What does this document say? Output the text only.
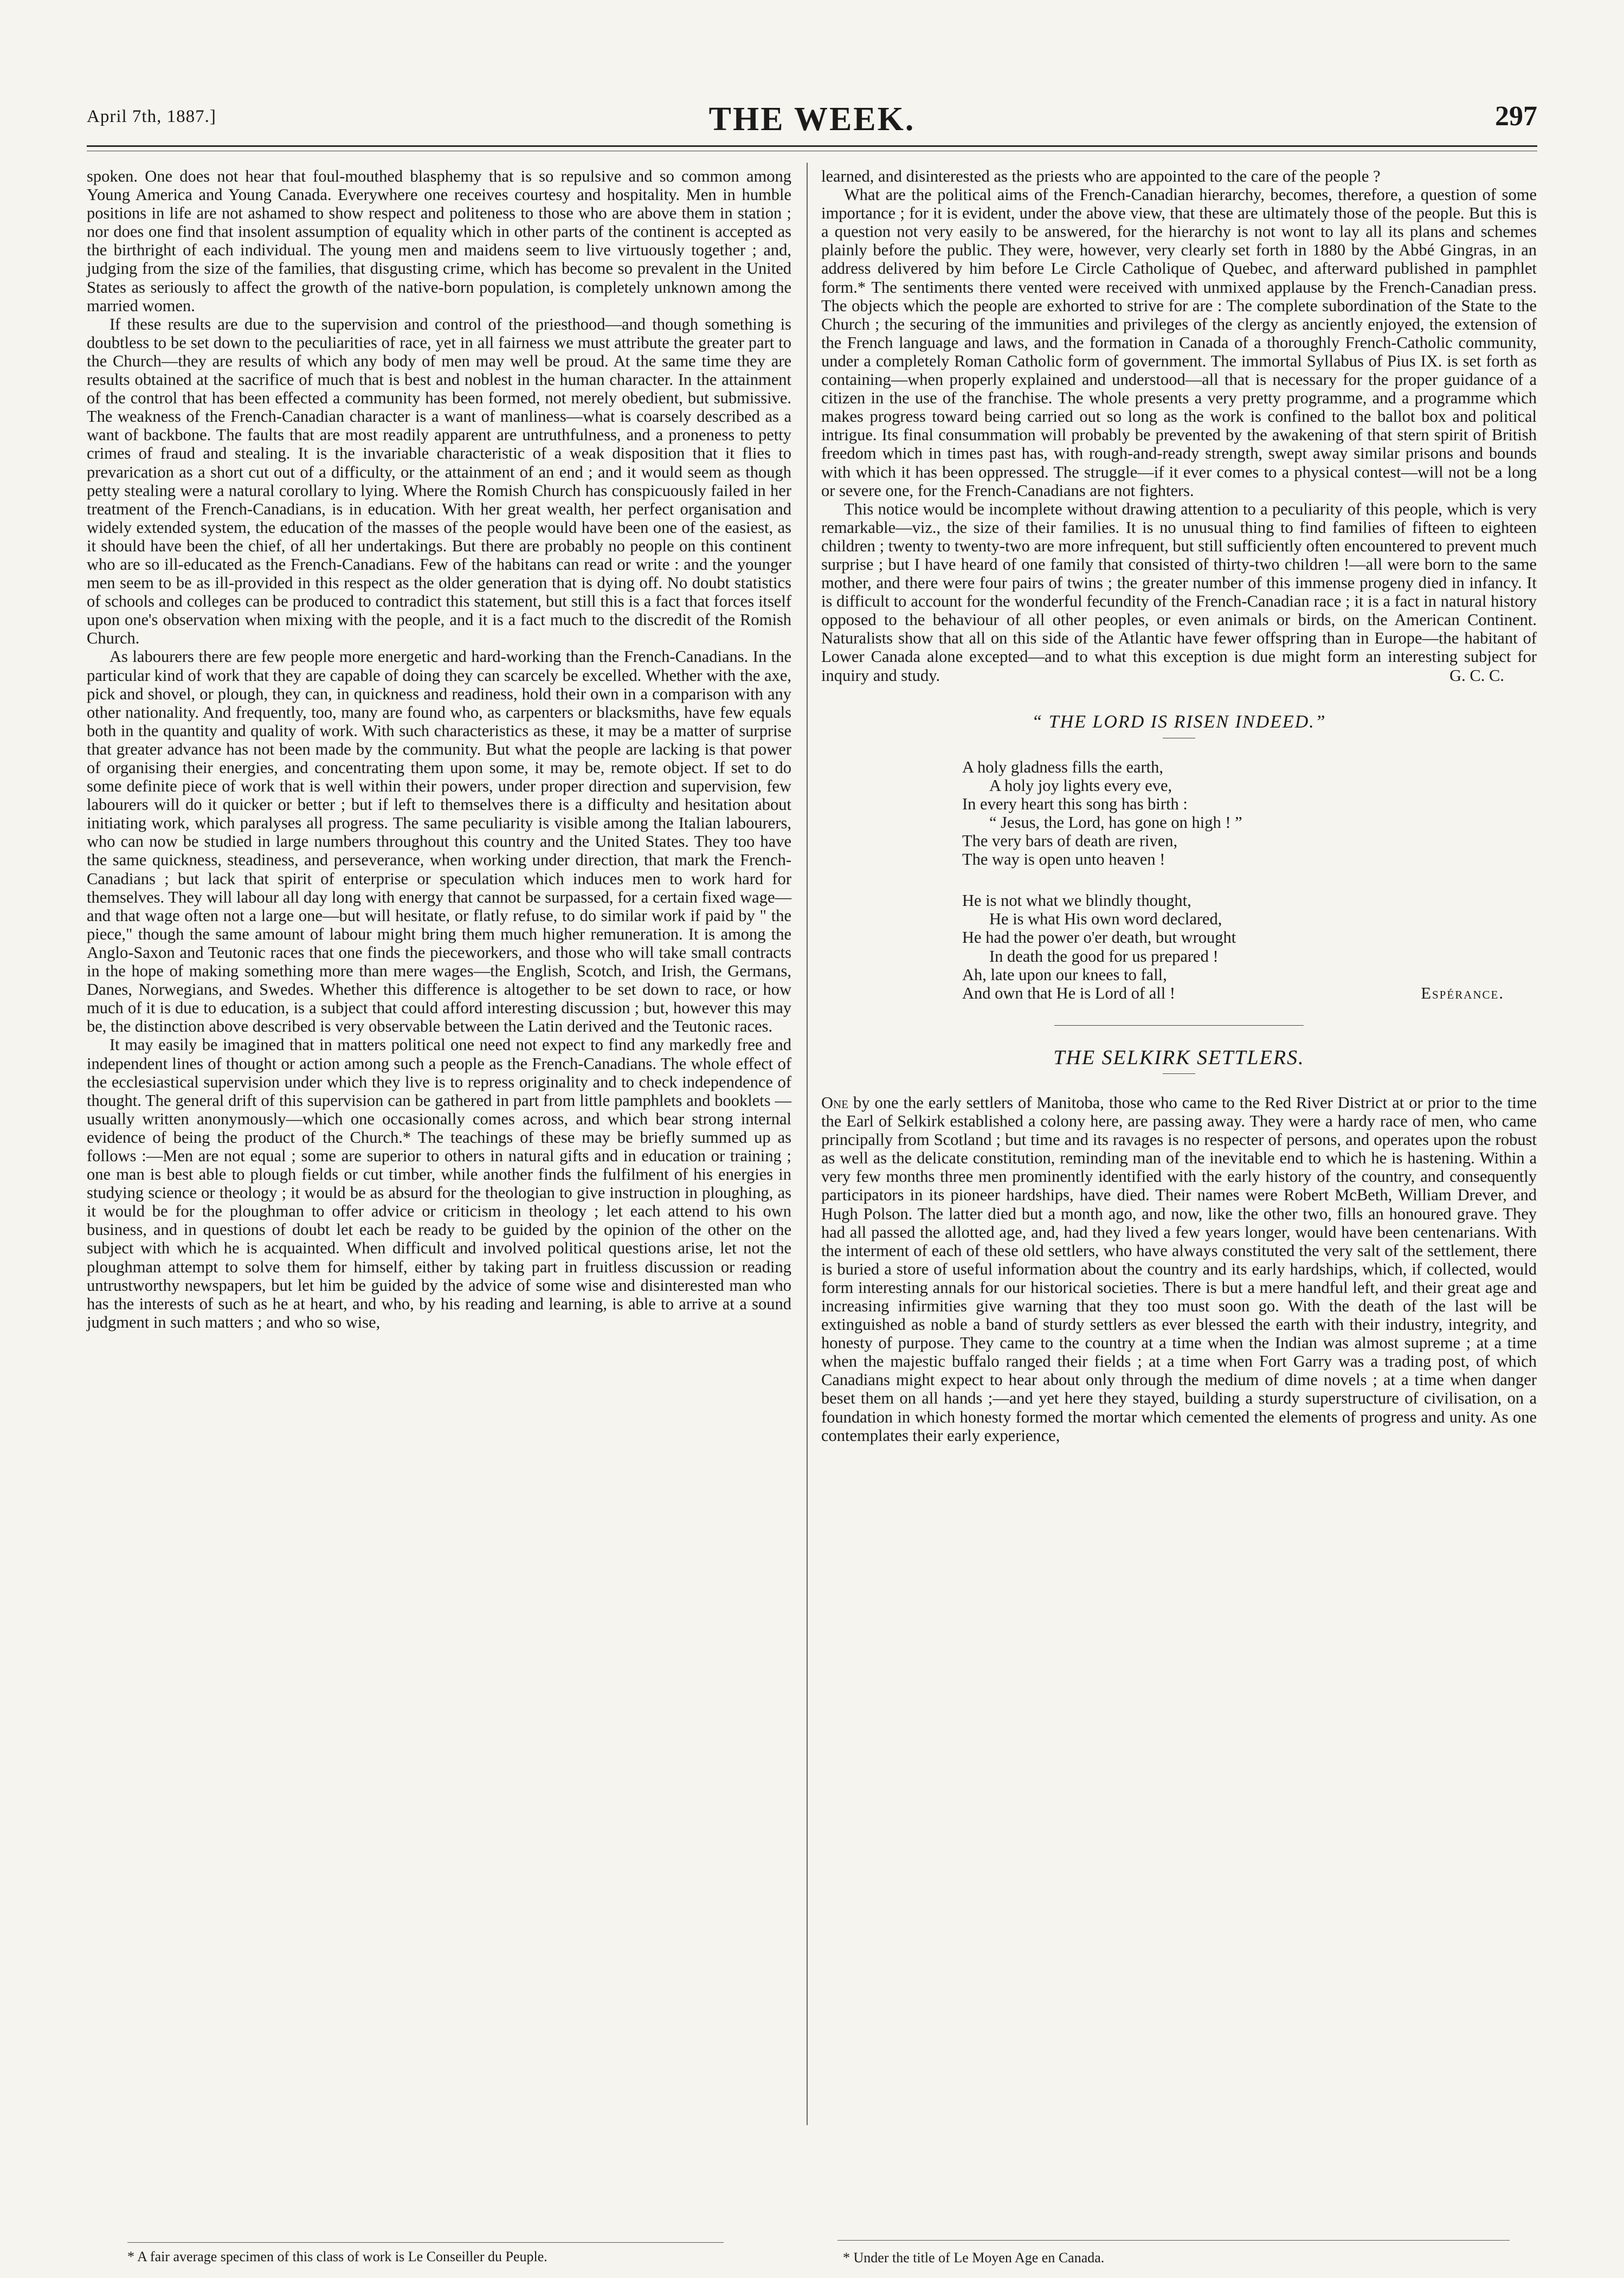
April 7th, 1887.]	THE WEEK.	297

spoken. One does not hear that foul-mouthed blasphemy that is so repulsive and so common among Young America and Young Canada. Everywhere one receives courtesy and hospitality. Men in humble positions in life are not ashamed to show respect and politeness to those who are above them in station ; nor does one find that insolent assumption of equality which in other parts of the continent is accepted as the birthright of each individual. The young men and maidens seem to live virtuously together ; and, judging from the size of the families, that disgusting crime, which has become so prevalent in the United States as seriously to affect the growth of the native-born population, is completely unknown among the married women.

If these results are due to the supervision and control of the priesthood—and though something is doubtless to be set down to the peculiarities of race, yet in all fairness we must attribute the greater part to the Church—they are results of which any body of men may well be proud. At the same time they are results obtained at the sacrifice of much that is best and noblest in the human character. In the attainment of the control that has been effected a community has been formed, not merely obedient, but submissive. The weakness of the French-Canadian character is a want of manliness—what is coarsely described as a want of backbone. The faults that are most readily apparent are untruthfulness, and a proneness to petty crimes of fraud and stealing. It is the invariable characteristic of a weak disposition that it flies to prevarication as a short cut out of a difficulty, or the attainment of an end ; and it would seem as though petty stealing were a natural corollary to lying. Where the Romish Church has conspicuously failed in her treatment of the French-Canadians, is in education. With her great wealth, her perfect organisation and widely extended system, the education of the masses of the people would have been one of the easiest, as it should have been the chief, of all her undertakings. But there are probably no people on this continent who are so ill-educated as the French-Canadians. Few of the habitans can read or write : and the younger men seem to be as ill-provided in this respect as the older generation that is dying off. No doubt statistics of schools and colleges can be produced to contradict this statement, but still this is a fact that forces itself upon one's observation when mixing with the people, and it is a fact much to the discredit of the Romish Church.

As labourers there are few people more energetic and hard-working than the French-Canadians. In the particular kind of work that they are capable of doing they can scarcely be excelled. Whether with the axe, pick and shovel, or plough, they can, in quickness and readiness, hold their own in a comparison with any other nationality. And frequently, too, many are found who, as carpenters or blacksmiths, have few equals both in the quantity and quality of work. With such characteristics as these, it may be a matter of surprise that greater advance has not been made by the community. But what the people are lacking is that power of organising their energies, and concentrating them upon some, it may be, remote object. If set to do some definite piece of work that is well within their powers, under proper direction and supervision, few labourers will do it quicker or better ; but if left to themselves there is a difficulty and hesitation about initiating work, which paralyses all progress. The same peculiarity is visible among the Italian labourers, who can now be studied in large numbers throughout this country and the United States. They too have the same quickness, steadiness, and perseverance, when working under direction, that mark the French-Canadians ; but lack that spirit of enterprise or speculation which induces men to work hard for themselves. They will labour all day long with energy that cannot be surpassed, for a certain fixed wage—and that wage often not a large one—but will hesitate, or flatly refuse, to do similar work if paid by " the piece," though the same amount of labour might bring them much higher remuneration. It is among the Anglo-Saxon and Teutonic races that one finds the pieceworkers, and those who will take small contracts in the hope of making something more than mere wages—the English, Scotch, and Irish, the Germans, Danes, Norwegians, and Swedes. Whether this difference is altogether to be set down to race, or how much of it is due to education, is a subject that could afford interesting discussion ; but, however this may be, the distinction above described is very observable between the Latin derived and the Teutonic races.

It may easily be imagined that in matters political one need not expect to find any markedly free and independent lines of thought or action among such a people as the French-Canadians. The whole effect of the ecclesiastical supervision under which they live is to repress originality and to check independence of thought. The general drift of this supervision can be gathered in part from little pamphlets and booklets — usually written anonymously—which one occasionally comes across, and which bear strong internal evidence of being the product of the Church.* The teachings of these may be briefly summed up as follows :—Men are not equal ; some are superior to others in natural gifts and in education or training ; one man is best able to plough fields or cut timber, while another finds the fulfilment of his energies in studying science or theology ; it would be as absurd for the theologian to give instruction in ploughing, as it would be for the ploughman to offer advice or criticism in theology ; let each attend to his own business, and in questions of doubt let each be ready to be guided by the opinion of the other on the subject with which he is acquainted. When difficult and involved political questions arise, let not the ploughman attempt to solve them for himself, either by taking part in fruitless discussion or reading untrustworthy newspapers, but let him be guided by the advice of some wise and disinterested man who has the interests of such as he at heart, and who, by his reading and learning, is able to arrive at a sound judgment in such matters ; and who so wise,

learned, and disinterested as the priests who are appointed to the care of the people ?

What are the political aims of the French-Canadian hierarchy, becomes, therefore, a question of some importance ; for it is evident, under the above view, that these are ultimately those of the people. But this is a question not very easily to be answered, for the hierarchy is not wont to lay all its plans and schemes plainly before the public. They were, however, very clearly set forth in 1880 by the Abbé Gingras, in an address delivered by him before Le Circle Catholique of Quebec, and afterward published in pamphlet form.* The sentiments there vented were received with unmixed applause by the French-Canadian press. The objects which the people are exhorted to strive for are : The complete subordination of the State to the Church ; the securing of the immunities and privileges of the clergy as anciently enjoyed, the extension of the French language and laws, and the formation in Canada of a thoroughly French-Catholic community, under a completely Roman Catholic form of government. The immortal Syllabus of Pius IX. is set forth as containing—when properly explained and understood—all that is necessary for the proper guidance of a citizen in the use of the franchise. The whole presents a very pretty programme, and a programme which makes progress toward being carried out so long as the work is confined to the ballot box and political intrigue. Its final consummation will probably be prevented by the awakening of that stern spirit of British freedom which in times past has, with rough-and-ready strength, swept away similar prisons and bounds with which it has been oppressed. The struggle—if it ever comes to a physical contest—will not be a long or severe one, for the French-Canadians are not fighters.

This notice would be incomplete without drawing attention to a peculiarity of this people, which is very remarkable—viz., the size of their families. It is no unusual thing to find families of fifteen to eighteen children ; twenty to twenty-two are more infrequent, but still sufficiently often encountered to prevent much surprise ; but I have heard of one family that consisted of thirty-two children !—all were born to the same mother, and there were four pairs of twins ; the greater number of this immense progeny died in infancy. It is difficult to account for the wonderful fecundity of the French-Canadian race ; it is a fact in natural history opposed to the behaviour of all other peoples, or even animals or birds, on the American Continent. Naturalists show that all on this side of the Atlantic have fewer offspring than in Europe—the habitant of Lower Canada alone excepted—and to what this exception is due might form an interesting subject for inquiry and study.	G. C. C.

“ THE LORD IS RISEN INDEED.”
A holy gladness fills the earth,
A holy joy lights every eve,
In every heart this song has birth :
“ Jesus, the Lord, has gone on high ! ”
The very bars of death are riven,
The way is open unto heaven !
He is not what we blindly thought,
He is what His own word declared,
He had the power o'er death, but wrought
In death the good for us prepared !
Ah, late upon our knees to fall,
And own that He is Lord of all !	Espérance.
THE SELKIRK SETTLERS.

One by one the early settlers of Manitoba, those who came to the Red River District at or prior to the time the Earl of Selkirk established a colony here, are passing away. They were a hardy race of men, who came principally from Scotland ; but time and its ravages is no respecter of persons, and operates upon the robust as well as the delicate constitution, reminding man of the inevitable end to which he is hastening. Within a very few months three men prominently identified with the early history of the country, and consequently participators in its pioneer hardships, have died. Their names were Robert McBeth, William Drever, and Hugh Polson. The latter died but a month ago, and now, like the other two, fills an honoured grave. They had all passed the allotted age, and, had they lived a few years longer, would have been centenarians. With the interment of each of these old settlers, who have always constituted the very salt of the settlement, there is buried a store of useful information about the country and its early hardships, which, if collected, would form interesting annals for our historical societies. There is but a mere handful left, and their great age and increasing infirmities give warning that they too must soon go. With the death of the last will be extinguished as noble a band of sturdy settlers as ever blessed the earth with their industry, integrity, and honesty of purpose. They came to the country at a time when the Indian was almost supreme ; at a time when the majestic buffalo ranged their fields ; at a time when Fort Garry was a trading post, of which Canadians might expect to hear about only through the medium of dime novels ; at a time when danger beset them on all hands ;—and yet here they stayed, building a sturdy superstructure of civilisation, on a foundation in which honesty formed the mortar which cemented the elements of progress and unity. As one contemplates their early experience,

* A fair average specimen of this class of work is Le Conseiller du Peuple.	* Under the title of Le Moyen Age en Canada.
